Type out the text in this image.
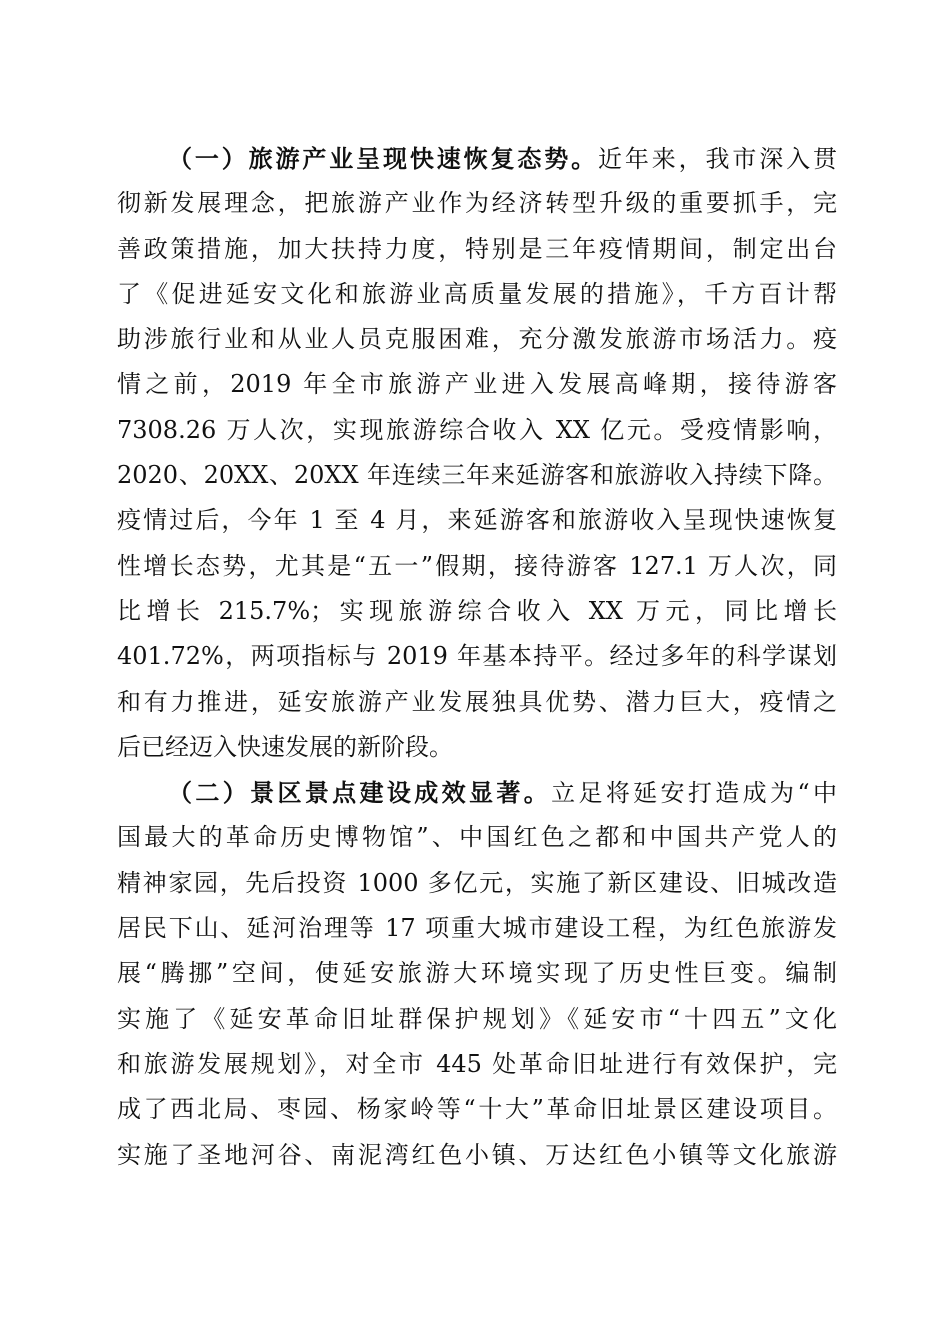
（一）旅游产业呈现快速恢复态势。近年来，我市深入贯
彻新发展理念，把旅游产业作为经济转型升级的重要抓手，完
善政策措施，加大扶持力度，特别是三年疫情期间，制定出台
了《促进延安文化和旅游业高质量发展的措施》，千方百计帮
助涉旅行业和从业人员克服困难，充分激发旅游市场活力。疫
情之前，2019 年全市旅游产业进入发展高峰期，接待游客
7308.26 万人次，实现旅游综合收入 XX 亿元。受疫情影响，
2020、20XX、20XX 年连续三年来延游客和旅游收入持续下降。
疫情过后，今年 1 至 4 月，来延游客和旅游收入呈现快速恢复
性增长态势，尤其是“五一”假期，接待游客 127.1 万人次，同
比增长 215.7%；实现旅游综合收入 XX 万元，同比增长
401.72%，两项指标与 2019 年基本持平。经过多年的科学谋划
和有力推进，延安旅游产业发展独具优势、潜力巨大，疫情之
后已经迈入快速发展的新阶段。
（二）景区景点建设成效显著。立足将延安打造成为“中
国最大的革命历史博物馆”、中国红色之都和中国共产党人的
精神家园，先后投资 1000 多亿元，实施了新区建设、旧城改造
居民下山、延河治理等 17 项重大城市建设工程，为红色旅游发
展“腾挪”空间，使延安旅游大环境实现了历史性巨变。编制
实施了《延安革命旧址群保护规划》《延安市“十四五”文化
和旅游发展规划》，对全市 445 处革命旧址进行有效保护，完
成了西北局、枣园、杨家岭等“十大”革命旧址景区建设项目。
实施了圣地河谷、南泥湾红色小镇、万达红色小镇等文化旅游
